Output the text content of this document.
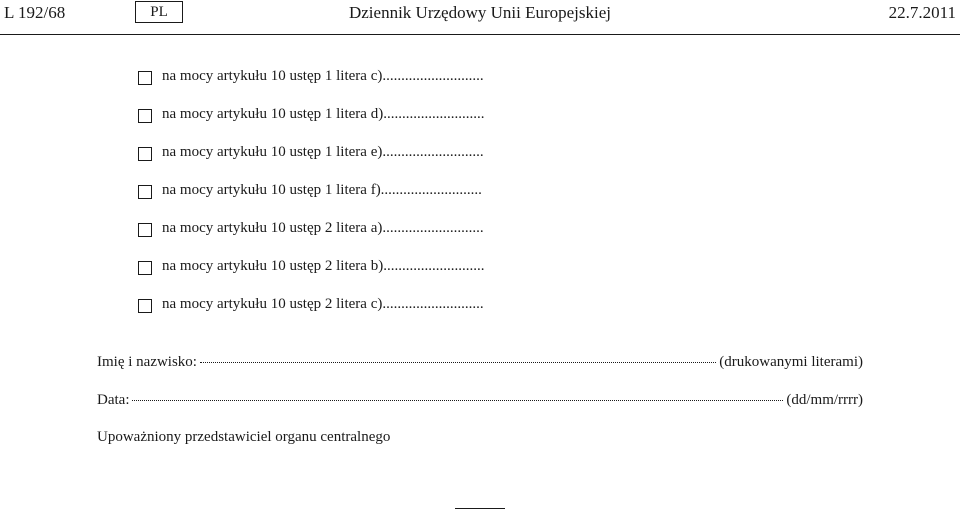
L 192/68	PL	Dziennik Urzędowy Unii Europejskiej	22.7.2011
na mocy artykułu 10 ustęp 1 litera c)...........................
na mocy artykułu 10 ustęp 1 litera d)...........................
na mocy artykułu 10 ustęp 1 litera e)...........................
na mocy artykułu 10 ustęp 1 litera f)...........................
na mocy artykułu 10 ustęp 2 litera a)...........................
na mocy artykułu 10 ustęp 2 litera b)...........................
na mocy artykułu 10 ustęp 2 litera c)...........................
Imię i nazwisko:	(drukowanymi literami)
Data:	(dd/mm/rrrr)
Upoważniony przedstawiciel organu centralnego
